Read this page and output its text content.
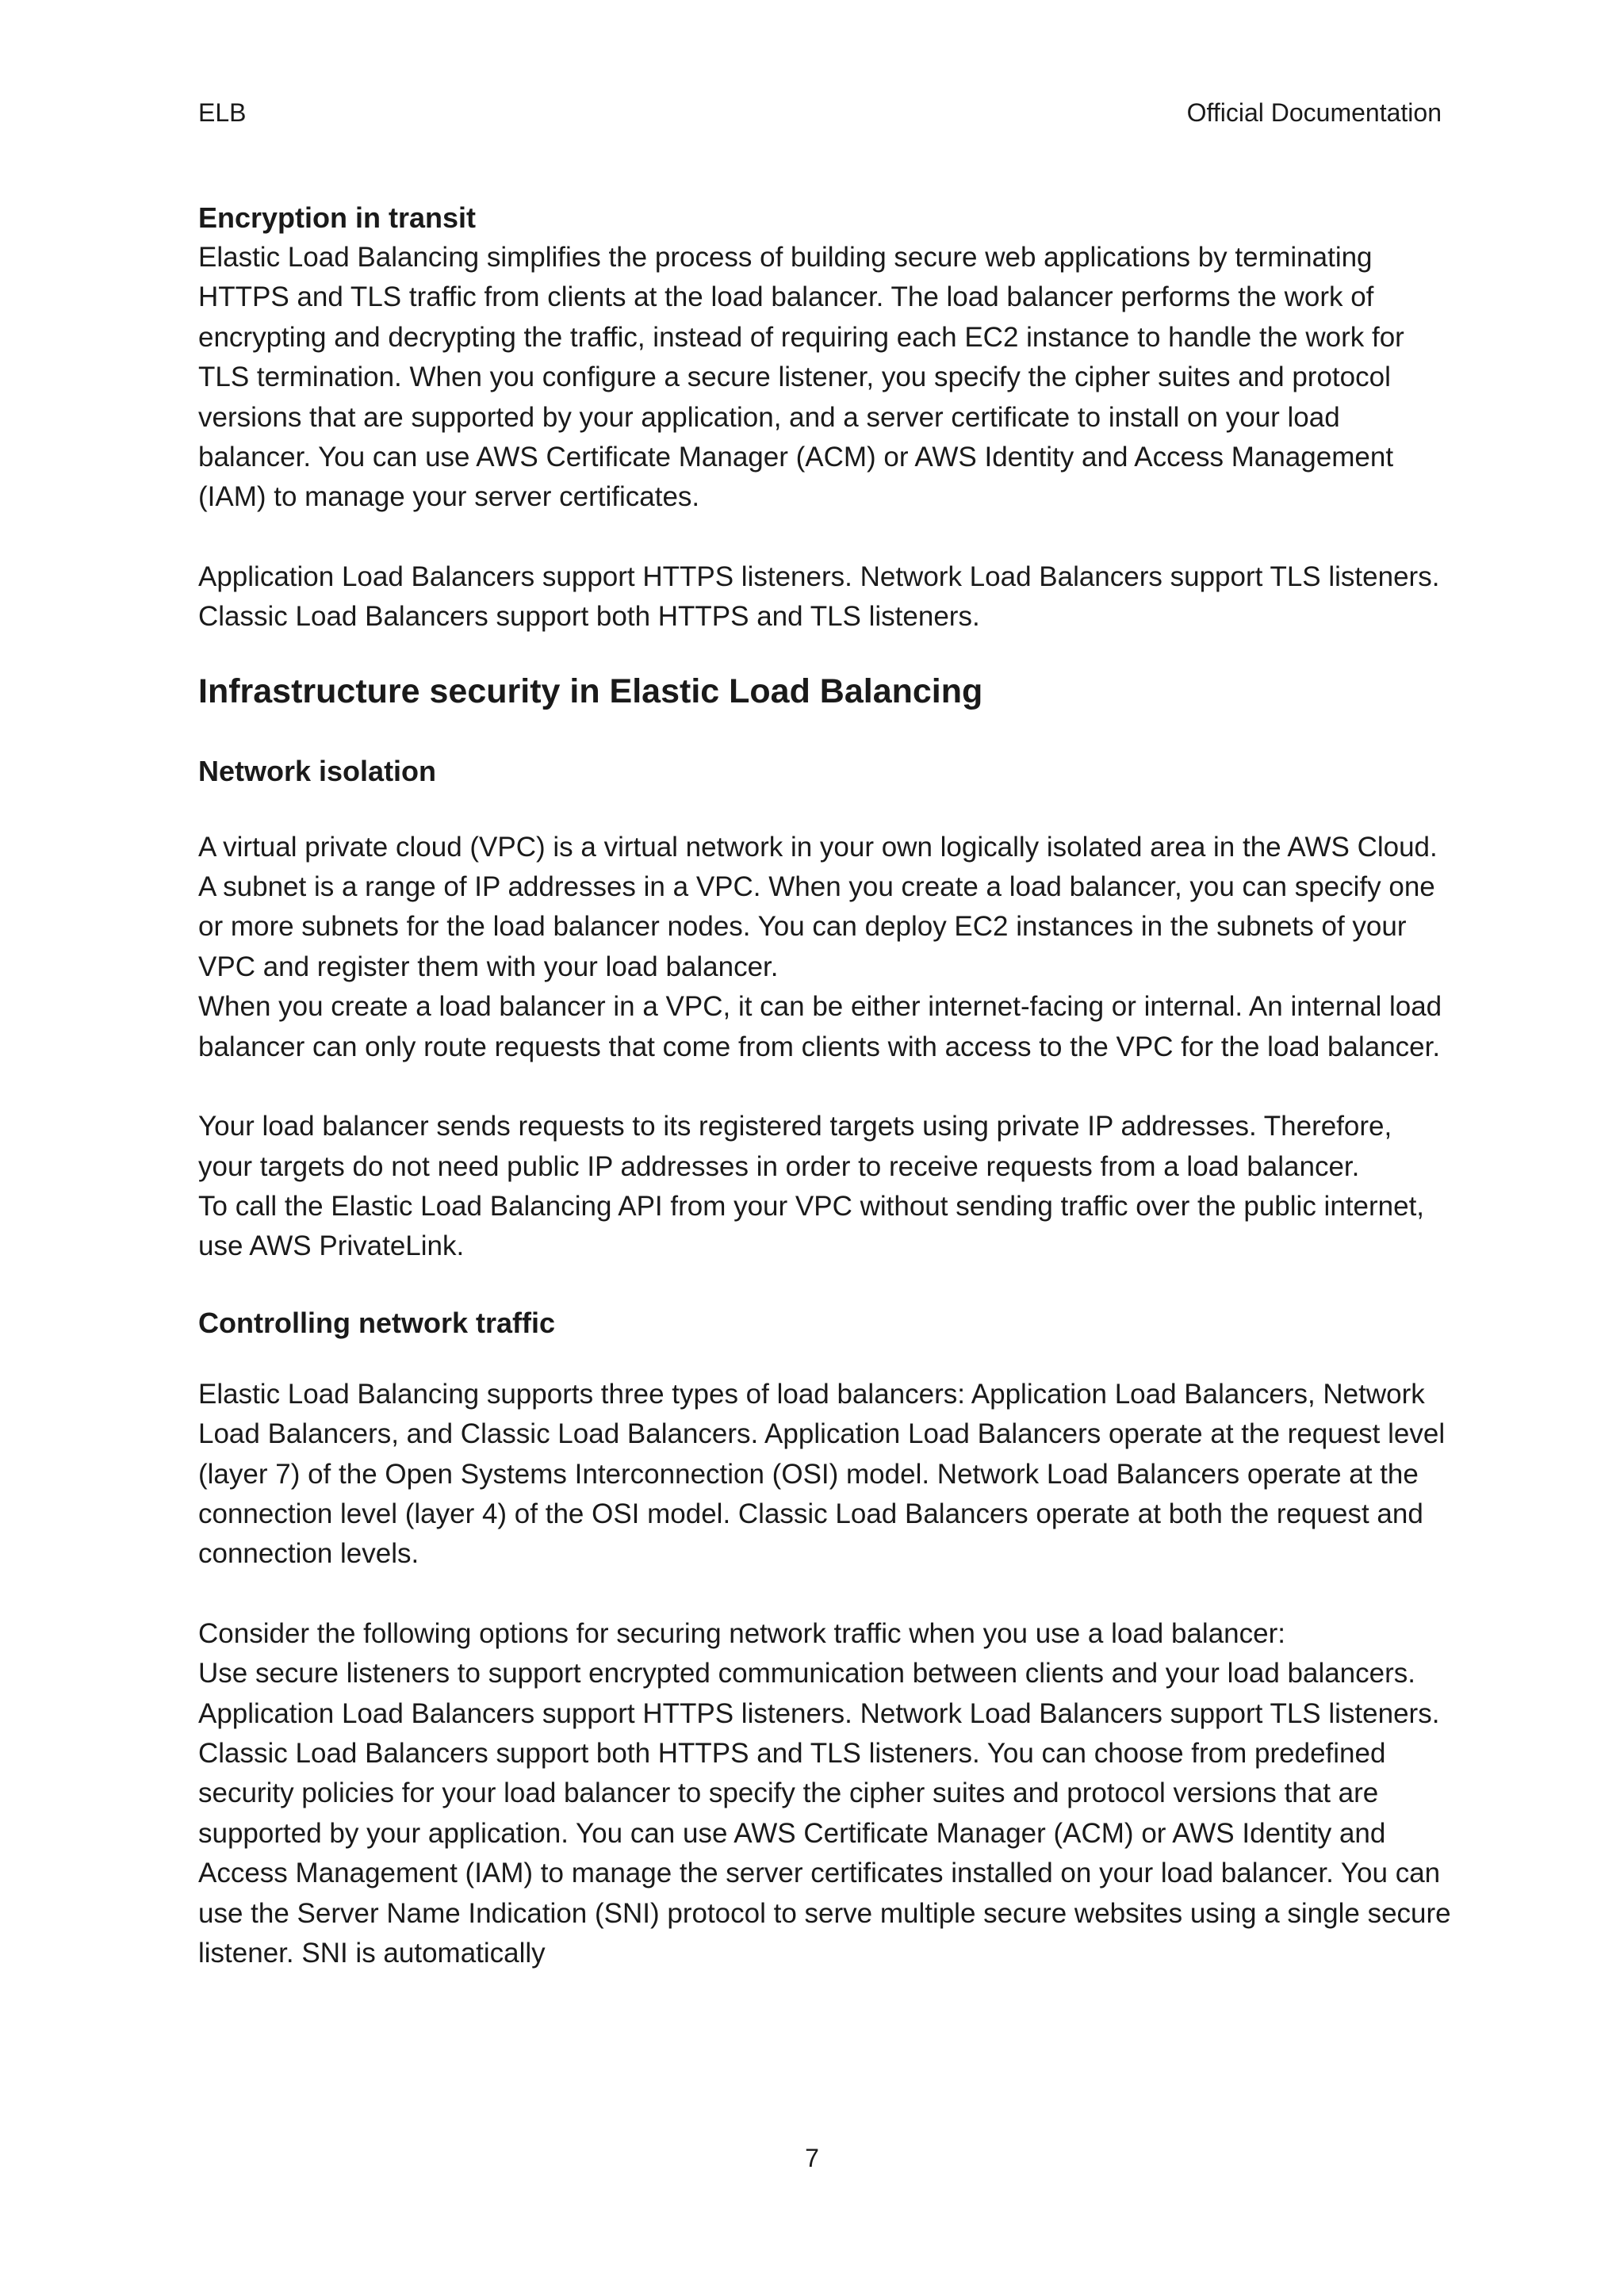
ELB	Official Documentation
Encryption in transit

Elastic Load Balancing simplifies the process of building secure web applications by terminating HTTPS and TLS traffic from clients at the load balancer. The load balancer performs the work of encrypting and decrypting the traffic, instead of requiring each EC2 instance to handle the work for TLS termination. When you configure a secure listener, you specify the cipher suites and protocol versions that are supported by your application, and a server certificate to install on your load balancer. You can use AWS Certificate Manager (ACM) or AWS Identity and Access Management (IAM) to manage your server certificates.

Application Load Balancers support HTTPS listeners. Network Load Balancers support TLS listeners. Classic Load Balancers support both HTTPS and TLS listeners.

Infrastructure security in Elastic Load Balancing
Network isolation

A virtual private cloud (VPC) is a virtual network in your own logically isolated area in the AWS Cloud. A subnet is a range of IP addresses in a VPC. When you create a load balancer, you can specify one or more subnets for the load balancer nodes. You can deploy EC2 instances in the subnets of your VPC and register them with your load balancer.

When you create a load balancer in a VPC, it can be either internet-facing or internal. An internal load balancer can only route requests that come from clients with access to the VPC for the load balancer.

Your load balancer sends requests to its registered targets using private IP addresses. Therefore, your targets do not need public IP addresses in order to receive requests from a load balancer.

To call the Elastic Load Balancing API from your VPC without sending traffic over the public internet, use AWS PrivateLink.

Controlling network traffic

Elastic Load Balancing supports three types of load balancers: Application Load Balancers, Network Load Balancers, and Classic Load Balancers. Application Load Balancers operate at the request level (layer 7) of the Open Systems Interconnection (OSI) model. Network Load Balancers operate at the connection level (layer 4) of the OSI model. Classic Load Balancers operate at both the request and connection levels.

Consider the following options for securing network traffic when you use a load balancer:

Use secure listeners to support encrypted communication between clients and your load balancers. Application Load Balancers support HTTPS listeners. Network Load Balancers support TLS listeners. Classic Load Balancers support both HTTPS and TLS listeners. You can choose from predefined security policies for your load balancer to specify the cipher suites and protocol versions that are supported by your application. You can use AWS Certificate Manager (ACM) or AWS Identity and Access Management (IAM) to manage the server certificates installed on your load balancer. You can use the Server Name Indication (SNI) protocol to serve multiple secure websites using a single secure listener. SNI is automatically

7
